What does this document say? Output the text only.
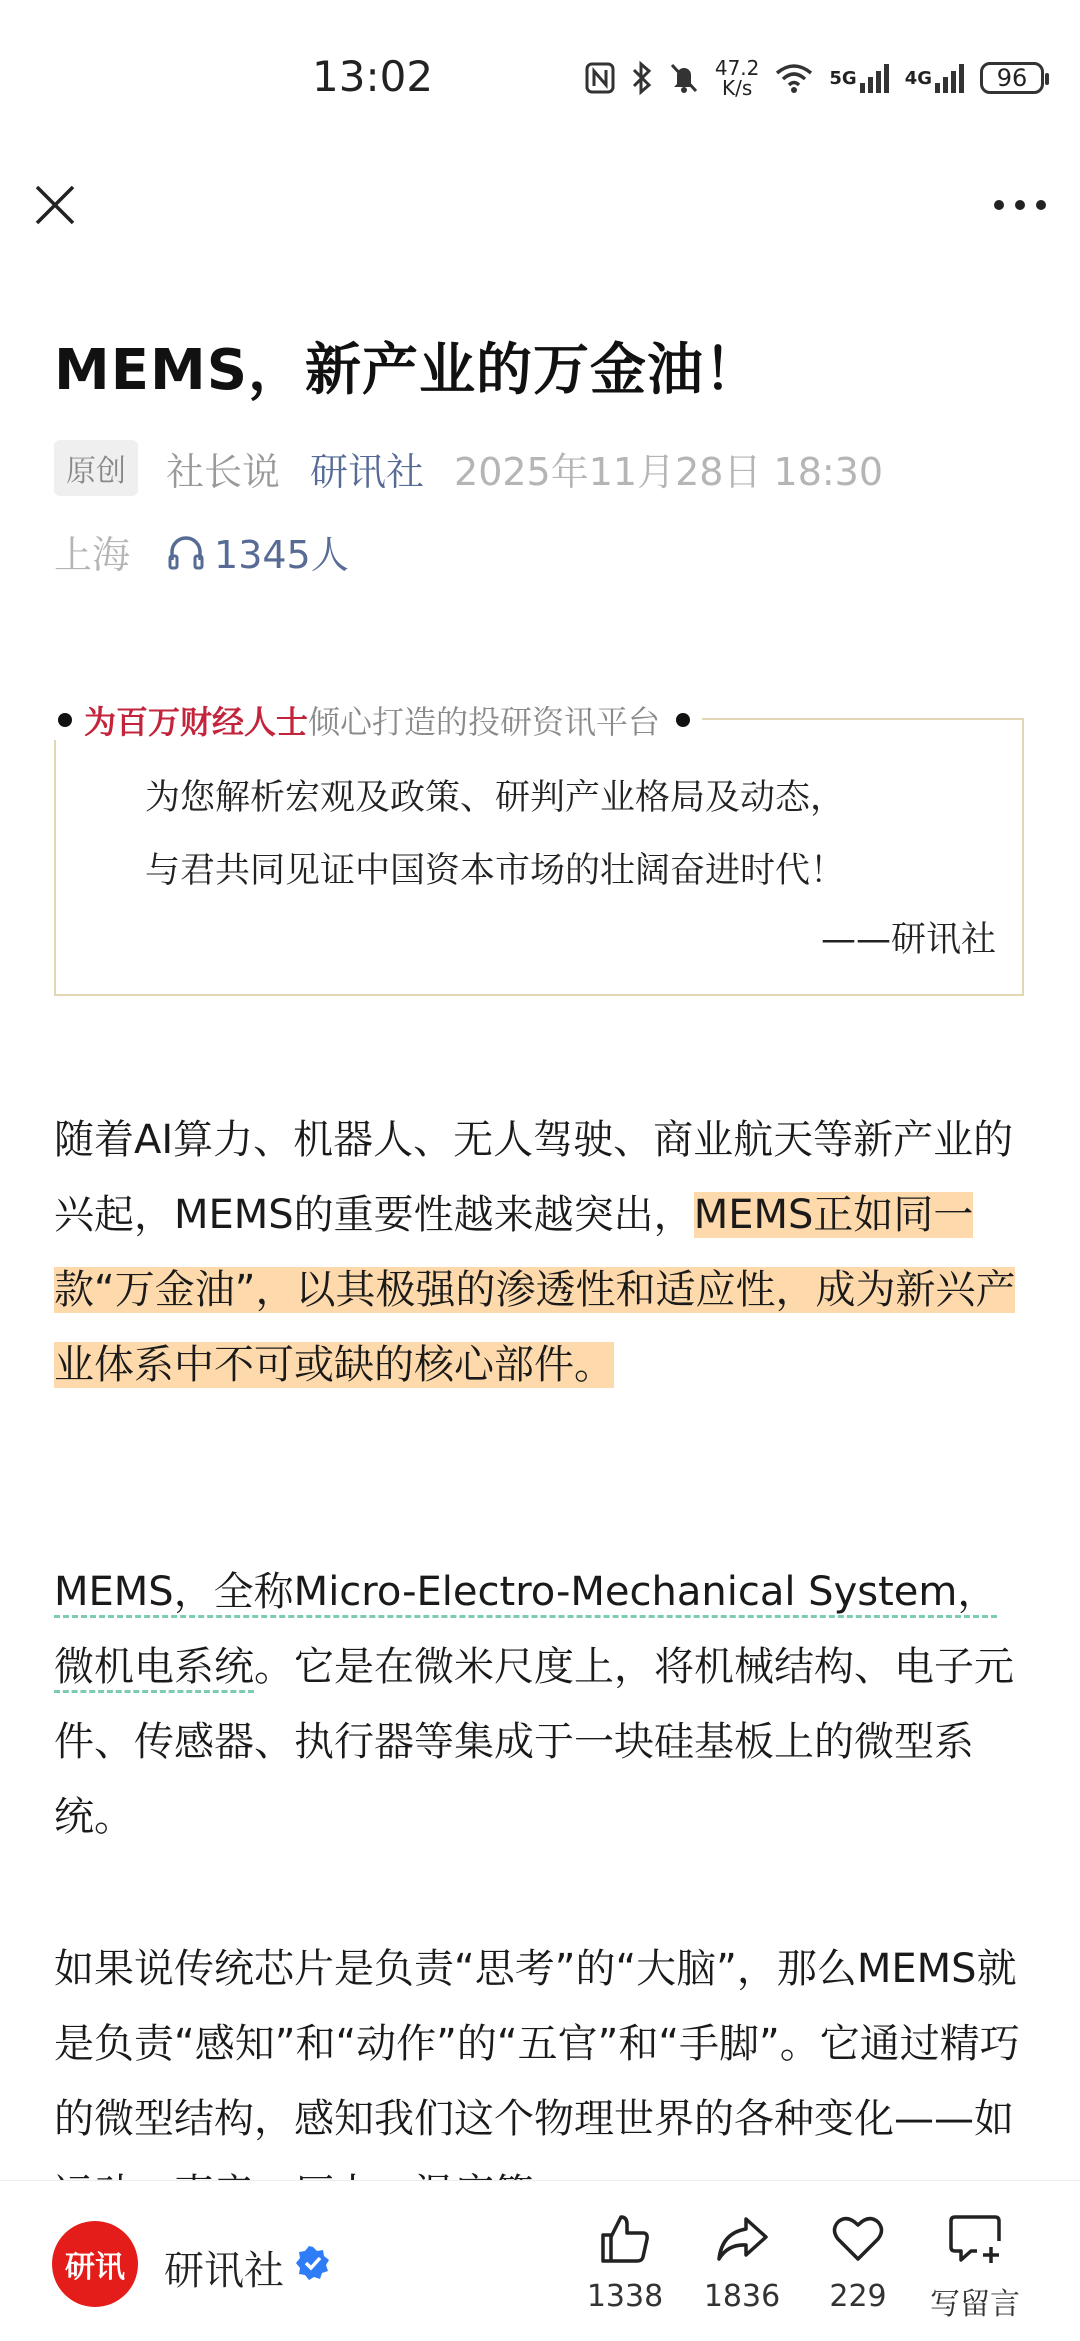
13:02	47.2
K/s	5G	4G	96
MEMS，新产业的万金油！
原创	社长说 研讯社 2025年11月28日 18:30
上海 1345人
为百万财经人士 倾心打造的投研资讯平台
为您解析宏观及政策、研判产业格局及动态，
与君共同见证中国资本市场的壮阔奋进时代！
——研讯社
随着AI算力、机器人、无人驾驶、商业航天等新产业的兴起，MEMS的重要性越来越突出，MEMS正如同一款“万金油”，以其极强的渗透性和适应性，成为新兴产业体系中不可或缺的核心部件。
MEMS，全称Micro-Electro-Mechanical System，微机电系统。它是在微米尺度上，将机械结构、电子元件、传感器、执行器等集成于一块硅基板上的微型系统。
如果说传统芯片是负责“思考”的“大脑”，那么MEMS就是负责“感知”和“动作”的“五官”和“手脚”。它通过精巧的微型结构，感知我们这个物理世界的各种变化——如
研讯 研讯社
1338	1836	229	写留言
